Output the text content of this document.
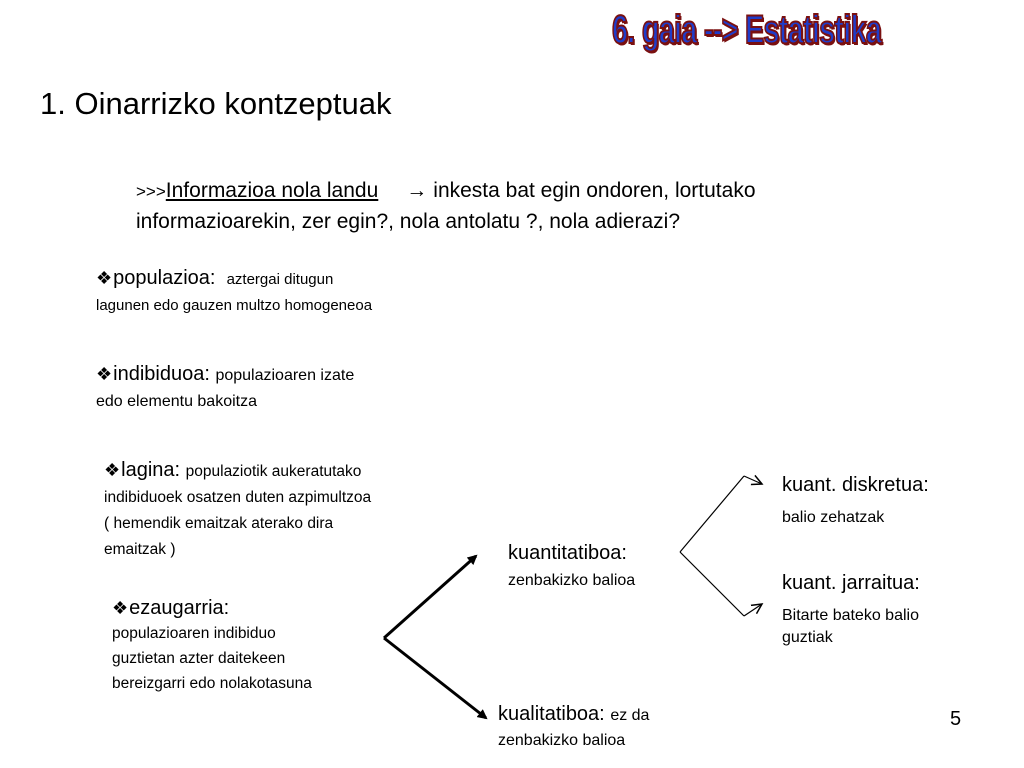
6. gaia --> Estatistika
1. Oinarrizko kontzeptuak
>>>Informazioa nola landu → inkesta bat egin ondoren, lortutako
informazioarekin, zer egin?, nola antolatu ?, nola adierazi?
❖populazioa: aztergai ditugun
lagunen edo gauzen multzo homogeneoa
❖indibiduoa: populazioaren izate
edo elementu bakoitza
❖lagina: populaziotik aukeratutako
indibiduoek osatzen duten azpimultzoa
( hemendik emaitzak aterako dira
emaitzak )
❖ezaugarria:
populazioaren indibiduo
guztietan azter daitekeen
bereizgarri edo nolakotasuna
kuantitatiboa:
zenbakizko balioa
kualitatiboa: ez da
zenbakizko balioa
kuant. diskretua:
balio zehatzak
kuant. jarraitua:
Bitarte bateko balio
guztiak
5
